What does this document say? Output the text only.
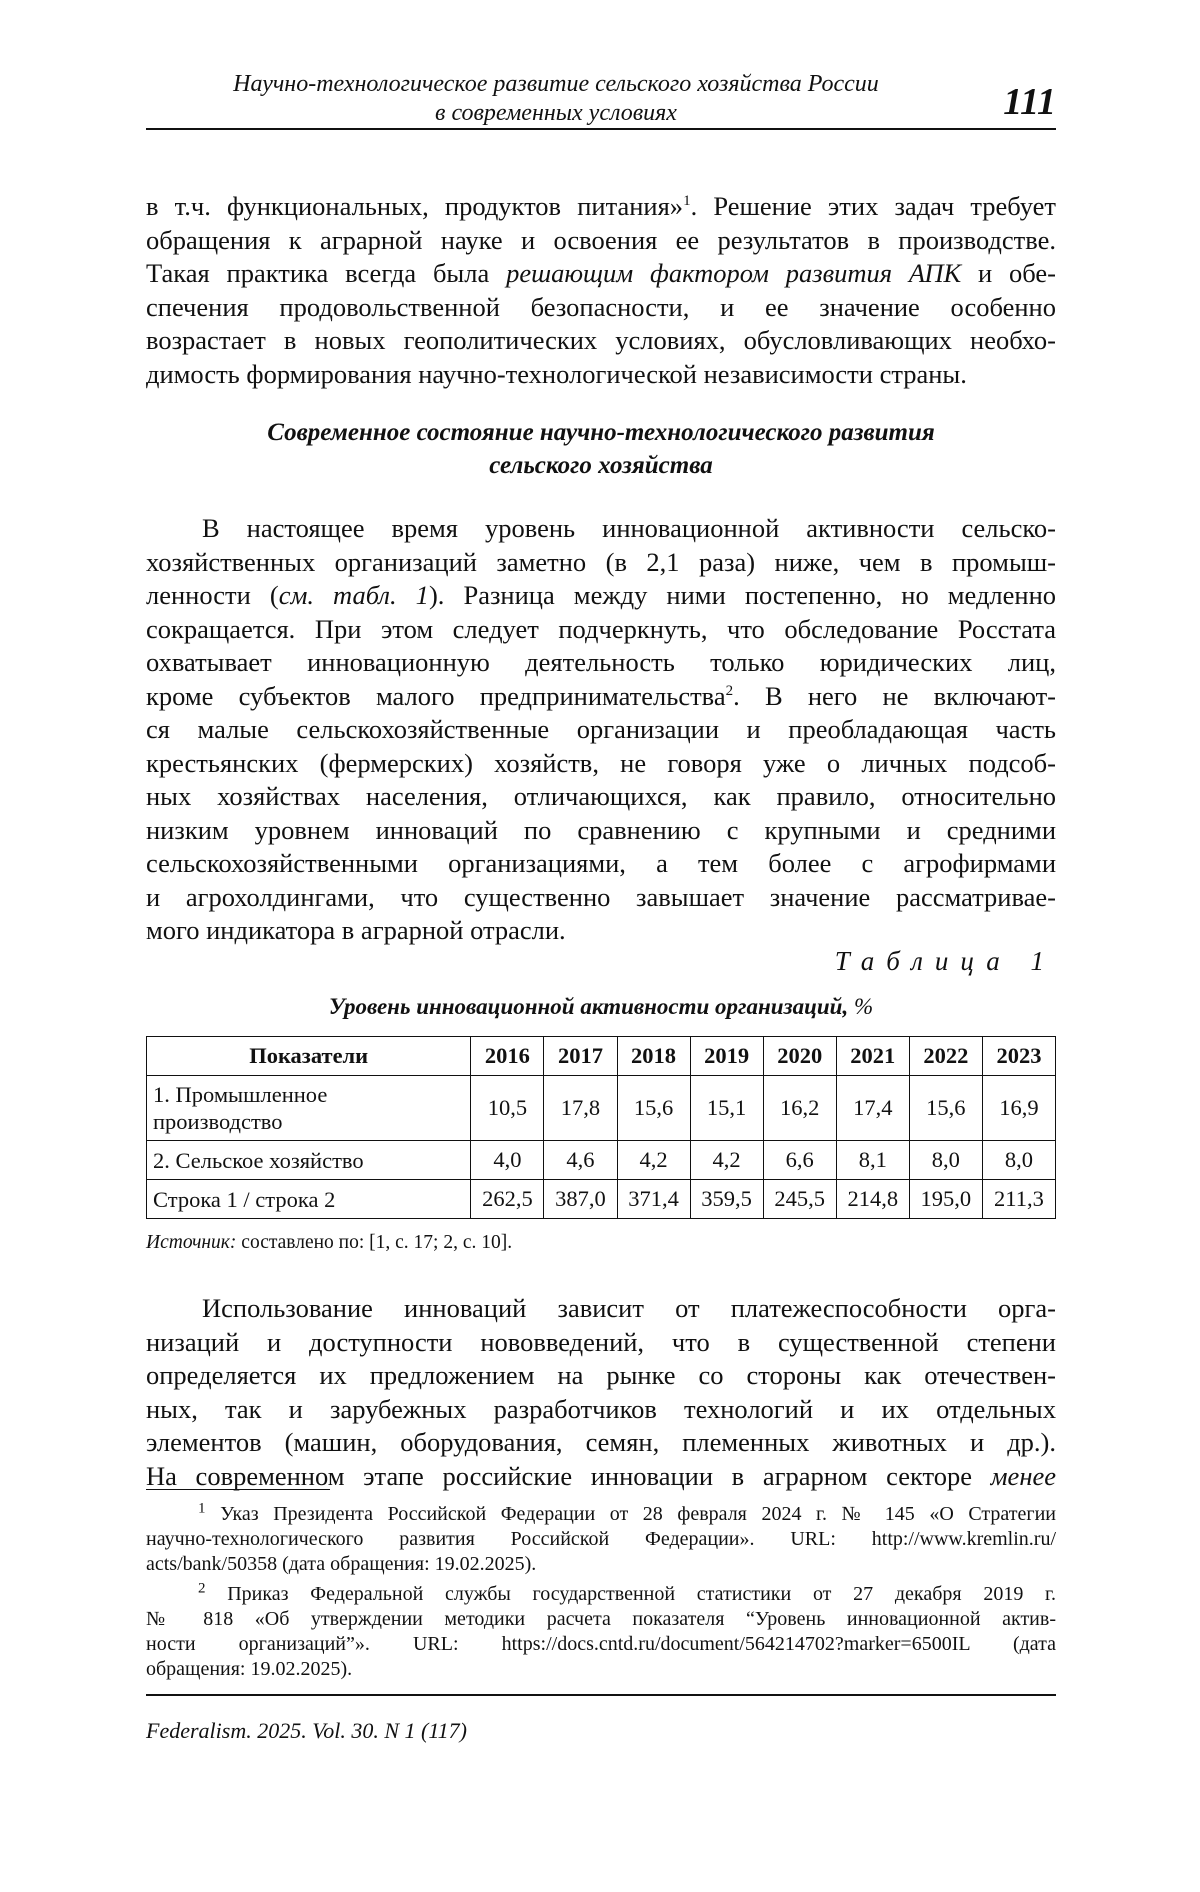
Научно-технологическое развитие сельского хозяйства России
в современных условиях	111
в т.ч. функциональных, продуктов питания»$^1$. Решение этих задач требует
обращения к аграрной науке и освоения ее результатов в производстве.
Такая практика всегда была решающим фактором развития АПК и обе-
спечения продовольственной безопасности, и ее значение особенно
возрастает в новых геополитических условиях, обусловливающих необхо-
димость формирования научно-технологической независимости страны.
Современное состояние научно-технологического развития
сельского хозяйства
В настоящее время уровень инновационной активности сельско-
хозяйственных организаций заметно (в 2,1 раза) ниже, чем в промыш-
ленности (см. табл. 1). Разница между ними постепенно, но медленно
сокращается. При этом следует подчеркнуть, что обследование Росстата
охватывает инновационную деятельность только юридических лиц,
кроме субъектов малого предпринимательства$^2$. В него не включают-
ся малые сельскохозяйственные организации и преобладающая часть
крестьянских (фермерских) хозяйств, не говоря уже о личных подсоб-
ных хозяйствах населения, отличающихся, как правило, относительно
низким уровнем инноваций по сравнению с крупными и средними
сельскохозяйственными организациями, а тем более с агрофирмами
и агрохолдингами, что существенно завышает значение рассматривае-
мого индикатора в аграрной отрасли.
Таблица 1
Уровень инновационной активности организаций, %
Показатели	2016	2017	2018	2019	2020	2021	2022	2023

1. Промышленное
производство	10,5	17,8	15,6	15,1	16,2	17,4	15,6	16,9
2. Сельское хозяйство	4,0	4,6	4,2	4,2	6,6	8,1	8,0	8,0
Строка 1 / строка 2	262,5	387,0	371,4	359,5	245,5	214,8	195,0	211,3
Источник: составлено по: [1, с. 17; 2, с. 10].
Использование инноваций зависит от платежеспособности орга-
низаций и доступности нововведений, что в существенной степени
определяется их предложением на рынке со стороны как отечествен-
ных, так и зарубежных разработчиков технологий и их отдельных
элементов (машин, оборудования, семян, племенных животных и др.).
На современном этапе российские инновации в аграрном секторе менее
$^1$ Указ Президента Российской Федерации от 28 февраля 2024 г. № 145 «О Стратегии
научно-технологического развития Российской Федерации». URL: http://www.kremlin.ru/
acts/bank/50358 (дата обращения: 19.02.2025).
$^2$ Приказ Федеральной службы государственной статистики от 27 декабря 2019 г.
№ 818 «Об утверждении методики расчета показателя “Уровень инновационной актив-
ности организаций”». URL: https://docs.cntd.ru/document/564214702?marker=6500IL (дата
обращения: 19.02.2025).
Federalism. 2025. Vol. 30. N 1 (117)
